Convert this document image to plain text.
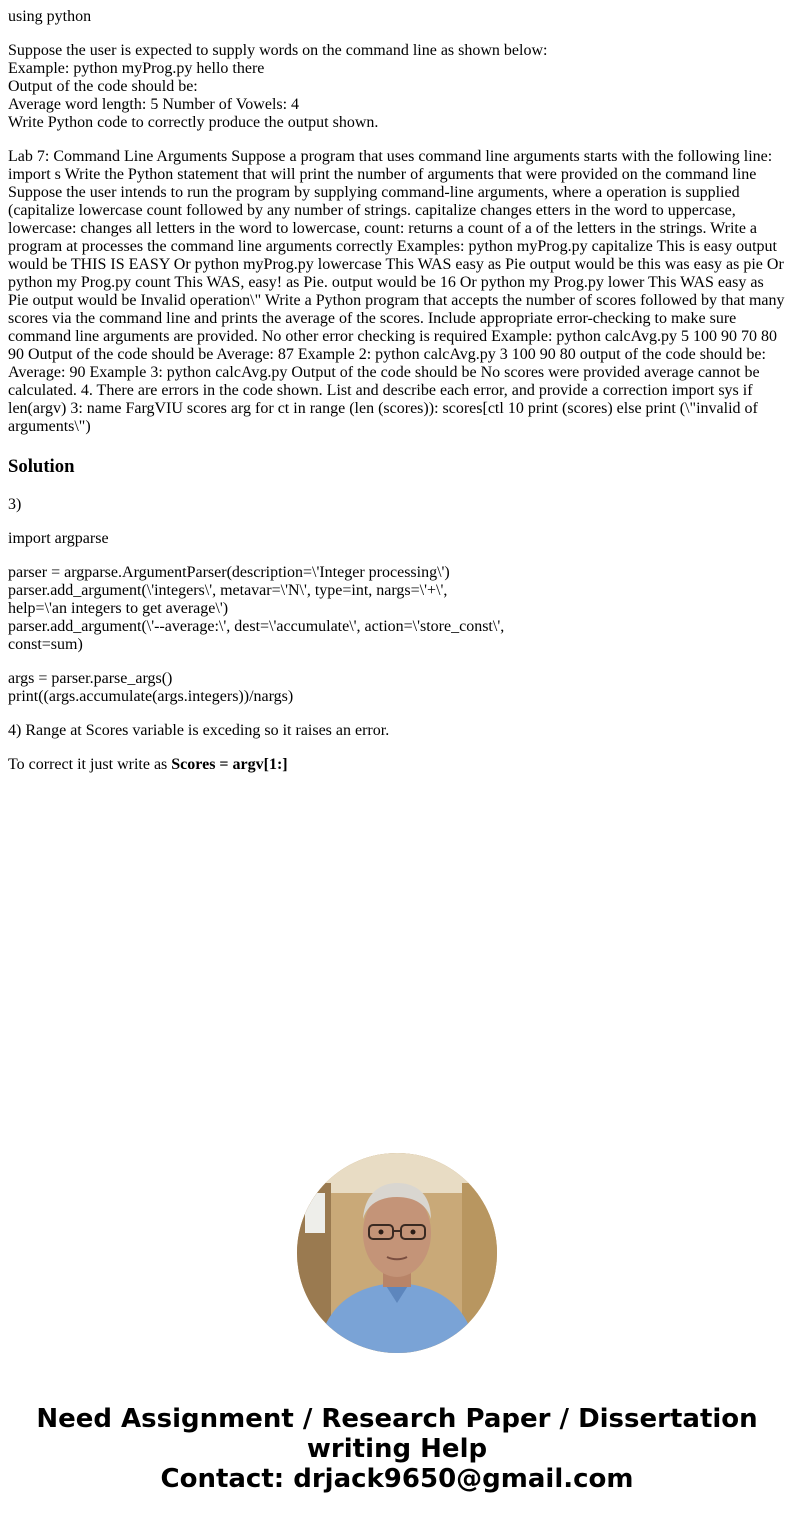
using python

Suppose the user is expected to supply words on the command line as shown below:
Example: python myProg.py hello there
Output of the code should be:
Average word length: 5 Number of Vowels: 4
Write Python code to correctly produce the output shown.

Lab 7: Command Line Arguments Suppose a program that uses command line arguments starts with the following line: import s Write the Python statement that will print the number of arguments that were provided on the command line Suppose the user intends to run the program by supplying command-line arguments, where a operation is supplied (capitalize lowercase count followed by any number of strings. capitalize changes etters in the word to uppercase, lowercase: changes all letters in the word to lowercase, count: returns a count of a of the letters in the strings. Write a program at processes the command line arguments correctly Examples: python myProg.py capitalize This is easy output would be THIS IS EASY Or python myProg.py lowercase This WAS easy as Pie output would be this was easy as pie Or python my Prog.py count This WAS, easy! as Pie. output would be 16 Or python my Prog.py lower This WAS easy as Pie output would be Invalid operation\" Write a Python program that accepts the number of scores followed by that many scores via the command line and prints the average of the scores. Include appropriate error-checking to make sure command line arguments are provided. No other error checking is required Example: python calcAvg.py 5 100 90 70 80 90 Output of the code should be Average: 87 Example 2: python calcAvg.py 3 100 90 80 output of the code should be: Average: 90 Example 3: python calcAvg.py Output of the code should be No scores were provided average cannot be calculated. 4. There are errors in the code shown. List and describe each error, and provide a correction import sys if len(argv) 3: name FargVIU scores arg for ct in range (len (scores)): scores[ctl 10 print (scores) else print (\"invalid of arguments\")

Solution

3)

import argparse

parser = argparse.ArgumentParser(description=\'Integer processing\')
parser.add_argument(\'integers\', metavar=\'N\', type=int, nargs=\'+\',
help=\'an integers to get average\')
parser.add_argument(\'--average:\', dest=\'accumulate\', action=\'store_const\',
const=sum)

args = parser.parse_args()
print((args.accumulate(args.integers))/nargs)

4) Range at Scores variable is exceding so it raises an error.

To correct it just write as Scores = argv[1:]

Need Assignment / Research Paper / Dissertation
writing Help
Contact: drjack9650@gmail.com
